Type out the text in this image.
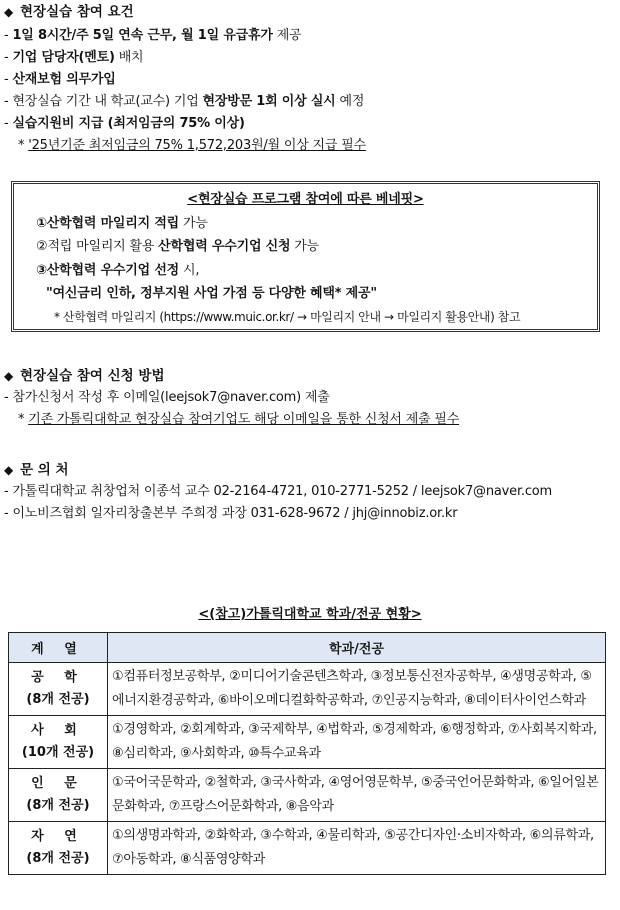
◆ 현장실습 참여 요건
- 1일 8시간/주 5일 연속 근무, 월 1일 유급휴가 제공
- 기업 담당자(멘토) 배치
- 산재보험 의무가입
- 현장실습 기간 내 학교(교수) 기업 현장방문 1회 이상 실시 예정
- 실습지원비 지급 (최저임금의 75% 이상)
* '25년기준 최저임금의 75% 1,572,203원/월 이상 지급 필수
<현장실습 프로그램 참여에 따른 베네핏>
①산학협력 마일리지 적립 가능
②적립 마일리지 활용 산학협력 우수기업 신청 가능
③산학협력 우수기업 선정 시,
"여신금리 인하, 정부지원 사업 가점 등 다양한 혜택* 제공"
* 산학협력 마일리지 (https://www.muic.or.kr/ → 마일리지 안내 → 마일리지 활용안내) 참고
◆ 현장실습 참여 신청 방법
- 참가신청서 작성 후 이메일(leejsok7@naver.com) 제출
* 기존 가톨릭대학교 현장실습 참여기업도 해당 이메일을 통한 신청서 제출 필수
◆ 문 의 처
- 가톨릭대학교 취창업처 이종석 교수 02-2164-4721, 010-2771-5252 / leejsok7@naver.com
- 이노비즈협회 일자리창출본부 주희정 과장 031-628-9672 / jhj@innobiz.or.kr
<(참고)가톨릭대학교 학과/전공 현황>
계 열	학과/전공

공 학
(8개 전공)	①컴퓨터정보공학부, ②미디어기술콘텐츠학과, ③정보통신전자공학부, ④생명공학과, ⑤에너지환경공학과, ⑥바이오메디컬화학공학과, ⑦인공지능학과, ⑧데이터사이언스학과

사 회
(10개 전공)	①경영학과, ②회계학과, ③국제학부, ④법학과, ⑤경제학과, ⑥행정학과, ⑦사회복지학과, ⑧심리학과, ⑨사회학과, ⑩특수교육과

인 문
(8개 전공)	①국어국문학과, ②철학과, ③국사학과, ④영어영문학부, ⑤중국언어문화학과, ⑥일어일본문화학과, ⑦프랑스어문화학과, ⑧음악과

자 연
(8개 전공)	①의생명과학과, ②화학과, ③수학과, ④물리학과, ⑤공간디자인·소비자학과, ⑥의류학과, ⑦아동학과, ⑧식품영양학과
